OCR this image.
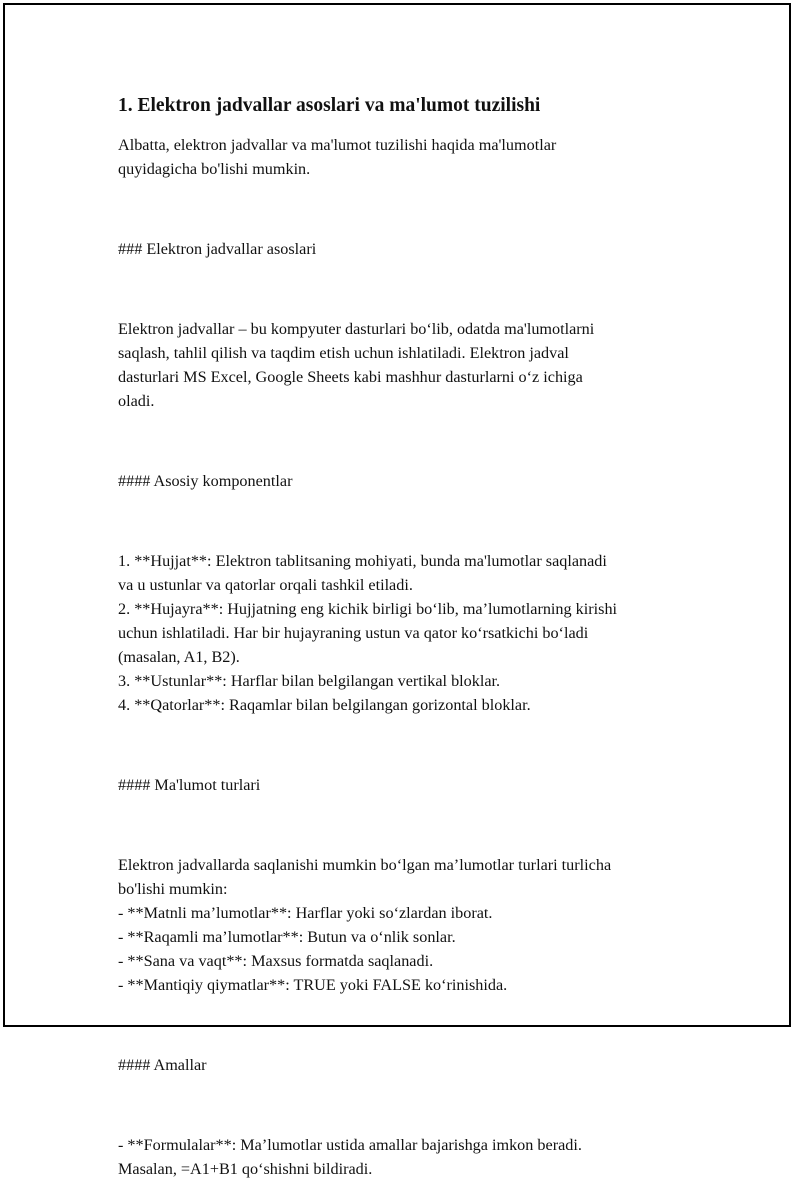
1. Elektron jadvallar asoslari va ma'lumot tuzilishi

Albatta, elektron jadvallar va ma'lumot tuzilishi haqida ma'lumotlar

quyidagicha bo'lishi mumkin.

### Elektron jadvallar asoslari

Elektron jadvallar – bu kompyuter dasturlari bo‘lib, odatda ma'lumotlarni

saqlash, tahlil qilish va taqdim etish uchun ishlatiladi. Elektron jadval

dasturlari MS Excel, Google Sheets kabi mashhur dasturlarni o‘z ichiga

oladi.

#### Asosiy komponentlar

1. **Hujjat**: Elektron tablitsaning mohiyati, bunda ma'lumotlar saqlanadi

va u ustunlar va qatorlar orqali tashkil etiladi.

2. **Hujayra**: Hujjatning eng kichik birligi bo‘lib, ma’lumotlarning kirishi

uchun ishlatiladi. Har bir hujayraning ustun va qator ko‘rsatkichi bo‘ladi

(masalan, A1, B2).

3. **Ustunlar**: Harflar bilan belgilangan vertikal bloklar.

4. **Qatorlar**: Raqamlar bilan belgilangan gorizontal bloklar.

#### Ma'lumot turlari

Elektron jadvallarda saqlanishi mumkin bo‘lgan ma’lumotlar turlari turlicha

bo'lishi mumkin:

- **Matnli ma’lumotlar**: Harflar yoki so‘zlardan iborat.

- **Raqamli ma’lumotlar**: Butun va o‘nlik sonlar.

- **Sana va vaqt**: Maxsus formatda saqlanadi.

- **Mantiqiy qiymatlar**: TRUE yoki FALSE ko‘rinishida.

#### Amallar

- **Formulalar**: Ma’lumotlar ustida amallar bajarishga imkon beradi.

Masalan, =A1+B1 qo‘shishni bildiradi.
